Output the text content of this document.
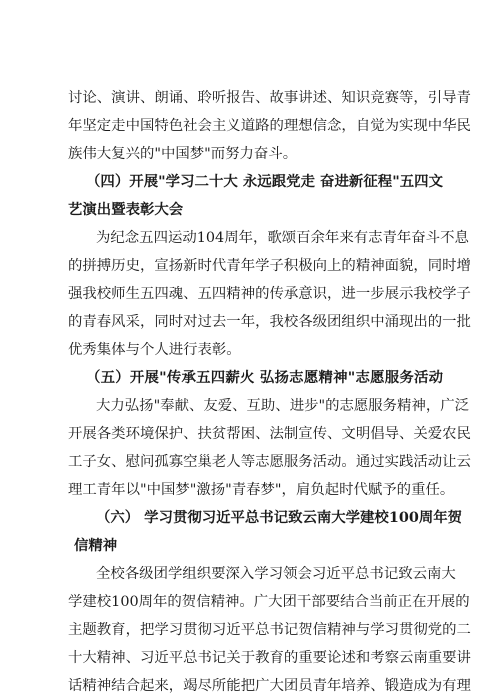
讨论、演讲、朗诵、聆听报告、故事讲述、知识竞赛等，引导青
年坚定走中国特色社会主义道路的理想信念，自觉为实现中华民
族伟大复兴的"中国梦"而努力奋斗。
（四）开展"学习二十大 永远跟党走 奋进新征程"五四文
艺演出暨表彰大会
为纪念五四运动104周年，歌颂百余年来有志青年奋斗不息
的拼搏历史，宣扬新时代青年学子积极向上的精神面貌，同时增
强我校师生五四魂、五四精神的传承意识，进一步展示我校学子
的青春风采，同时对过去一年，我校各级团组织中涌现出的一批
优秀集体与个人进行表彰。
（五）开展"传承五四薪火 弘扬志愿精神"志愿服务活动
大力弘扬"奉献、友爱、互助、进步"的志愿服务精神，广泛
开展各类环境保护、扶贫帮困、法制宣传、文明倡导、关爱农民
工子女、慰问孤寡空巢老人等志愿服务活动。通过实践活动让云
理工青年以"中国梦"激扬"青春梦"，肩负起时代赋予的重任。
（六） 学习贯彻习近平总书记致云南大学建校100周年贺
信精神
全校各级团学组织要深入学习领会习近平总书记致云南大
学建校100周年的贺信精神。广大团干部要结合当前正在开展的
主题教育，把学习贯彻习近平总书记贺信精神与学习贯彻党的二
十大精神、习近平总书记关于教育的重要论述和考察云南重要讲
话精神结合起来，竭尽所能把广大团员青年培养、锻造成为有理
